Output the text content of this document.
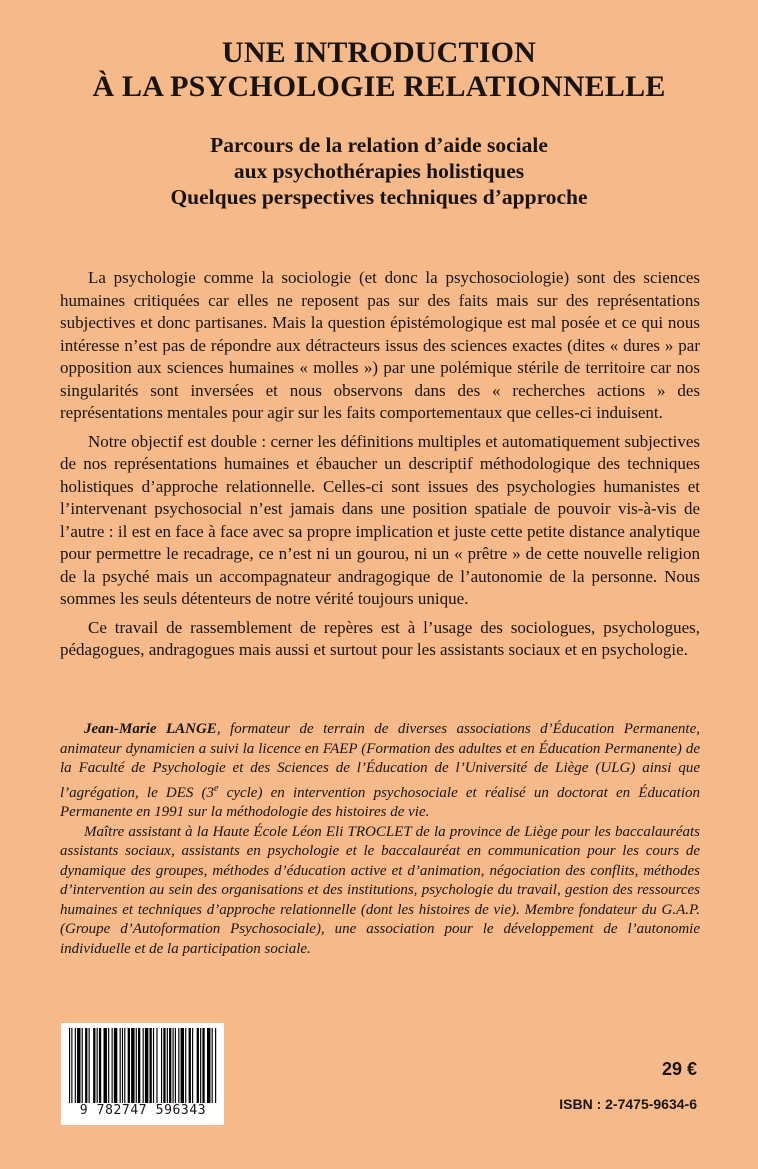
UNE INTRODUCTION
À LA PSYCHOLOGIE RELATIONNELLE
Parcours de la relation d’aide sociale
aux psychothérapies holistiques
Quelques perspectives techniques d’approche

La psychologie comme la sociologie (et donc la psychosociologie) sont des sciences humaines critiquées car elles ne reposent pas sur des faits mais sur des représentations subjectives et donc partisanes. Mais la question épistémologique est mal posée et ce qui nous intéresse n’est pas de répondre aux détracteurs issus des sciences exactes (dites « dures » par opposition aux sciences humaines « molles ») par une polémique stérile de territoire car nos singularités sont inversées et nous observons dans des « recherches actions » des représentations mentales pour agir sur les faits comportementaux que celles-ci induisent.

Notre objectif est double : cerner les définitions multiples et automatiquement subjectives de nos représentations humaines et ébaucher un descriptif méthodologique des techniques holistiques d’approche relationnelle. Celles-ci sont issues des psychologies humanistes et l’intervenant psychosocial n’est jamais dans une position spatiale de pouvoir vis-à-vis de l’autre : il est en face à face avec sa propre implication et juste cette petite distance analytique pour permettre le recadrage, ce n’est ni un gourou, ni un « prêtre » de cette nouvelle religion de la psyché mais un accompagnateur andragogique de l’autonomie de la personne. Nous sommes les seuls détenteurs de notre vérité toujours unique.

Ce travail de rassemblement de repères est à l’usage des sociologues, psychologues, pédagogues, andragogues mais aussi et surtout pour les assistants sociaux et en psychologie.

Jean-Marie LANGE, formateur de terrain de diverses associations d’Éducation Permanente, animateur dynamicien a suivi la licence en FAEP (Formation des adultes et en Éducation Permanente) de la Faculté de Psychologie et des Sciences de l’Éducation de l’Université de Liège (ULG) ainsi que l’agrégation, le DES (3e cycle) en intervention psychosociale et réalisé un doctorat en Éducation Permanente en 1991 sur la méthodologie des histoires de vie.

Maître assistant à la Haute École Léon Eli TROCLET de la province de Liège pour les baccalauréats assistants sociaux, assistants en psychologie et le baccalauréat en communication pour les cours de dynamique des groupes, méthodes d’éducation active et d’animation, négociation des conflits, méthodes d’intervention au sein des organisations et des institutions, psychologie du travail, gestion des ressources humaines et techniques d’approche relationnelle (dont les histoires de vie). Membre fondateur du G.A.P. (Groupe d’Autoformation Psychosociale), une association pour le développement de l’autonomie individuelle et de la participation sociale.

9 782747 596343
29 €
ISBN : 2-7475-9634-6
